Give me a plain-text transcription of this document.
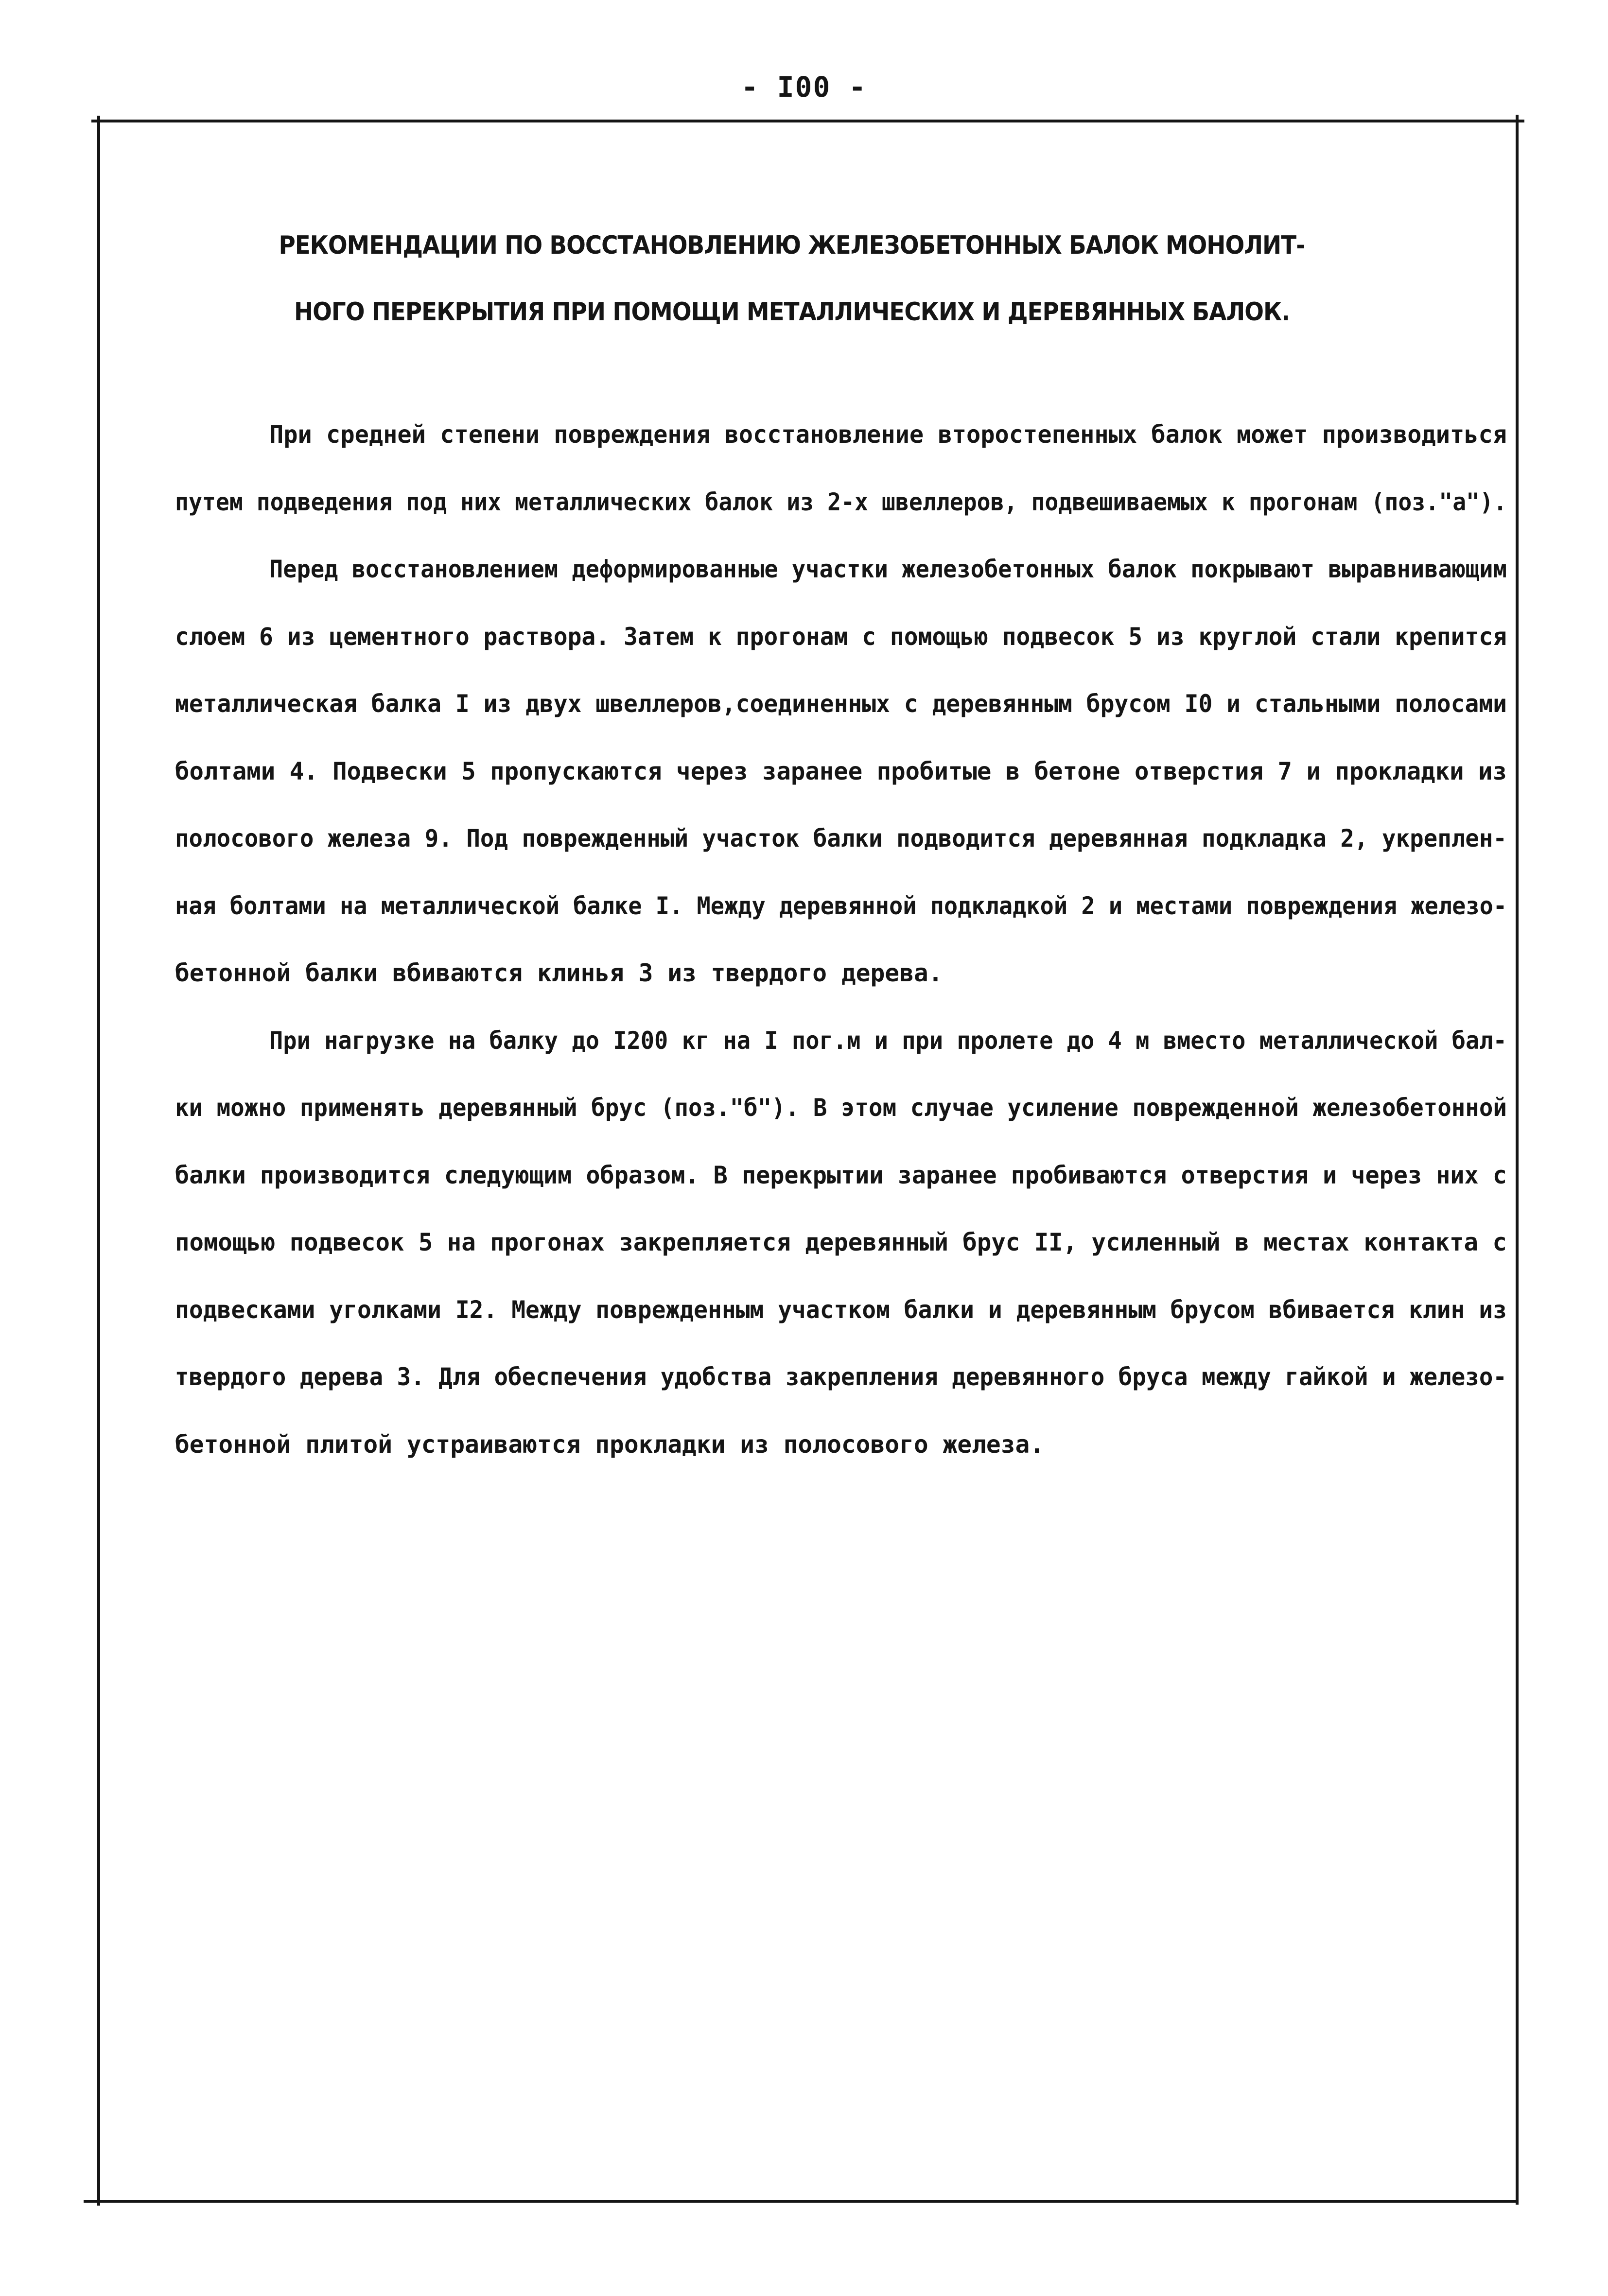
- I00 -
РЕКОМЕНДАЦИИ ПО ВОССТАНОВЛЕНИЮ ЖЕЛЕЗОБЕТОННЫХ БАЛОК МОНОЛИТ-
НОГО ПЕРЕКРЫТИЯ ПРИ ПОМОЩИ МЕТАЛЛИЧЕСКИХ И ДЕРЕВЯННЫХ БАЛОК.
При средней степени повреждения восстановление второстепенных балок может производиться
путем подведения под них металлических балок из 2-х швеллеров, подвешиваемых к прогонам (поз."а").
Перед восстановлением деформированные участки железобетонных балок покрывают выравнивающим
слоем 6 из цементного раствора. Затем к прогонам с помощью подвесок 5 из круглой стали крепится
металлическая балка I из двух швеллеров,соединенных с деревянным брусом I0 и стальными полосами
болтами 4. Подвески 5 пропускаются через заранее пробитые в бетоне отверстия 7 и прокладки из
полосового железа 9. Под поврежденный участок балки подводится деревянная подкладка 2, укреплен-
ная болтами на металлической балке I. Между деревянной подкладкой 2 и местами повреждения железо-
бетонной балки вбиваются клинья 3 из твердого дерева.
При нагрузке на балку до I200 кг на I пог.м и при пролете до 4 м вместо металлической бал-
ки можно применять деревянный брус (поз."б"). В этом случае усиление поврежденной железобетонной
балки производится следующим образом. В перекрытии заранее пробиваются отверстия и через них с
помощью подвесок 5 на прогонах закрепляется деревянный брус II, усиленный в местах контакта с
подвесками уголками I2. Между поврежденным участком балки и деревянным брусом вбивается клин из
твердого дерева 3. Для обеспечения удобства закрепления деревянного бруса между гайкой и железо-
бетонной плитой устраиваются прокладки из полосового железа.
